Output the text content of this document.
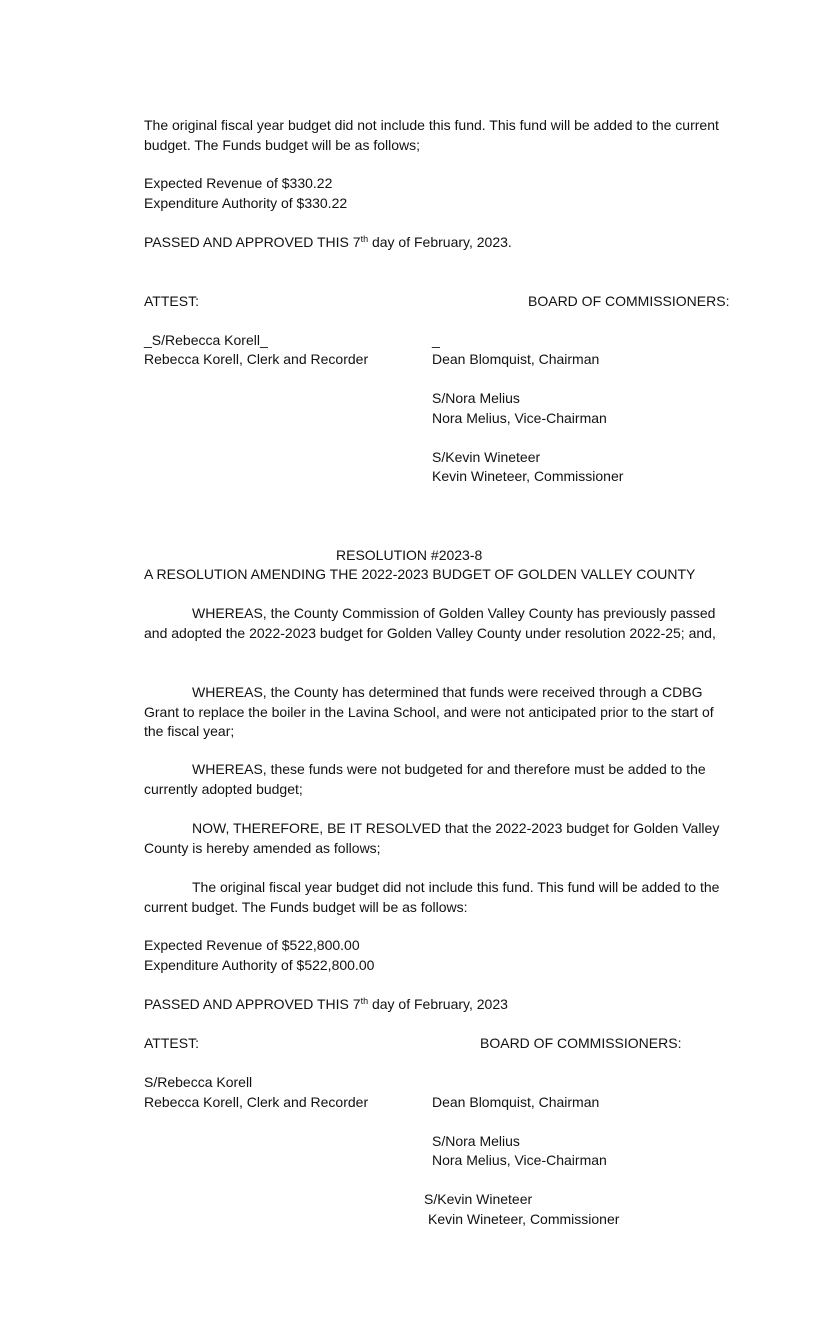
The original fiscal year budget did not include this fund. This fund will be added to the current budget. The Funds budget will be as follows;
Expected Revenue of $330.22
Expenditure Authority of $330.22
PASSED AND APPROVED THIS 7th day of February, 2023.
ATTEST:	BOARD OF COMMISSIONERS:
_S/Rebecca Korell_
Rebecca Korell, Clerk and Recorder
_
Dean Blomquist, Chairman
S/Nora Melius
Nora Melius, Vice-Chairman
S/Kevin Wineteer
Kevin Wineteer, Commissioner
RESOLUTION #2023-8
A RESOLUTION AMENDING THE 2022-2023 BUDGET OF GOLDEN VALLEY COUNTY
WHEREAS, the County Commission of Golden Valley County has previously passed and adopted the 2022-2023 budget for Golden Valley County under resolution 2022-25; and,
WHEREAS, the County has determined that funds were received through a CDBG Grant to replace the boiler in the Lavina School, and were not anticipated prior to the start of the fiscal year;
WHEREAS, these funds were not budgeted for and therefore must be added to the currently adopted budget;
NOW, THEREFORE, BE IT RESOLVED that the 2022-2023 budget for Golden Valley County is hereby amended as follows;
The original fiscal year budget did not include this fund. This fund will be added to the current budget. The Funds budget will be as follows:
Expected Revenue of $522,800.00
Expenditure Authority of $522,800.00
PASSED AND APPROVED THIS 7th day of February, 2023
ATTEST:	BOARD OF COMMISSIONERS:
S/Rebecca Korell
Rebecca Korell, Clerk and Recorder	Dean Blomquist, Chairman
S/Nora Melius
Nora Melius, Vice-Chairman
S/Kevin Wineteer
Kevin Wineteer, Commissioner
